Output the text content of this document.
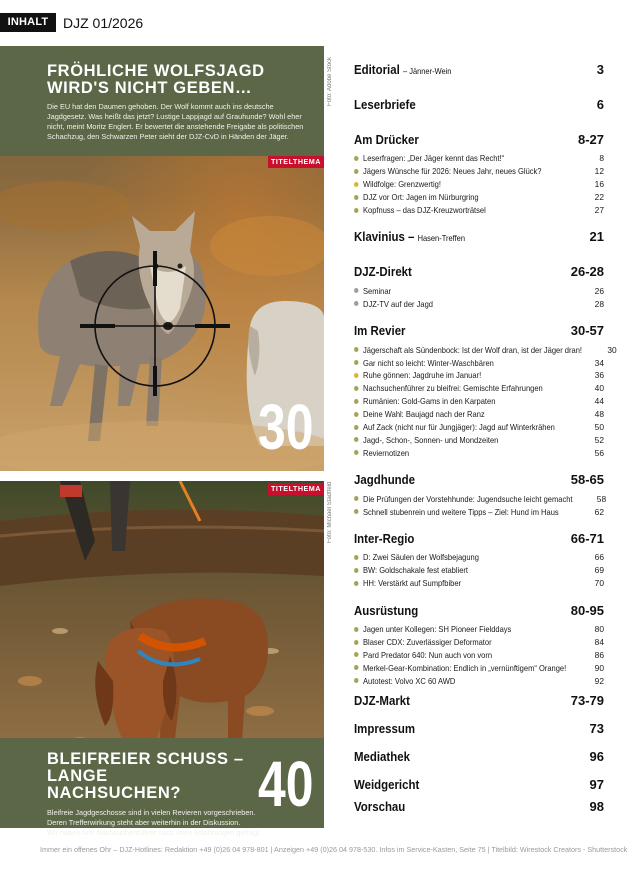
INHALT	DJZ 01/2026
Foto: Adobe Stock
FRÖHLICHE WOLFSJAGD
WIRD'S NICHT GEBEN…
Die EU hat den Daumen gehoben. Der Wolf kommt auch ins deutsche Jagdgesetz. Was heißt das jetzt? Lustige Lappjagd auf Grauhunde? Wohl eher nicht, meint Moritz Englert. Er bewertet die anstehende Freigabe als politischen Schachzug, den Schwarzen Peter sieht der DJZ-CvD in Händen der Jäger.
TITELTHEMA
30
Foto: Michael Stadtfeld
TITELTHEMA
BLEIFREIER SCHUSS –
LANGE NACHSUCHEN?
Bleifreie Jagdgeschosse sind in vielen Revieren vorgeschrieben.
Deren Trefferwirkung steht aber weiterhin in der Diskussion.
Wir haben fünf Nachsuchenführer nach ihren Erfahrungen gefragt.
40
Editorial – Jänner-Wein	3
Leserbriefe	6
Am Drücker	8-27
Leserfragen: „Der Jäger kennt das Recht!“	8
Jägers Wünsche für 2026: Neues Jahr, neues Glück?	12
Wildfolge: Grenzwertig!	16
DJZ vor Ort: Jagen im Nürburgring	22
Kopfnuss – das DJZ-Kreuzworträtsel	27
Klavinius – Hasen-Treffen	21
DJZ-Direkt	26-28
Seminar	26
DJZ-TV auf der Jagd	28
Im Revier	30-57
Jägerschaft als Sündenbock: Ist der Wolf dran, ist der Jäger dran!	30
Gar nicht so leicht: Winter-Waschbären	34
Ruhe gönnen: Jagdruhe im Januar!	36
Nachsuchenführer zu bleifrei: Gemischte Erfahrungen	40
Rumänien: Gold-Gams in den Karpaten	44
Deine Wahl: Baujagd nach der Ranz	48
Auf Zack (nicht nur für Jungjäger): Jagd auf Winterkrähen	50
Jagd-, Schon-, Sonnen- und Mondzeiten	52
Reviernotizen	56
Jagdhunde	58-65
Die Prüfungen der Vorstehhunde: Jugendsuche leicht gemacht	58
Schnell stubenrein und weitere Tipps – Ziel: Hund im Haus	62
Inter-Regio	66-71
D: Zwei Säulen der Wolfsbejagung	66
BW: Goldschakale fest etabliert	69
HH: Verstärkt auf Sumpfbiber	70
Ausrüstung	80-95
Jagen unter Kollegen: SH Pioneer Fielddays	80
Blaser CDX: Zuverlässiger Deformator	84
Pard Predator 640: Nun auch von vorn	86
Merkel-Gear-Kombination: Endlich in „vernünftigem“ Orange!	90
Autotest: Volvo XC 60 AWD	92
DJZ-Markt	73-79
Impressum	73
Mediathek	96
Weidgericht	97
Vorschau	98
Immer ein offenes Ohr – DJZ-Hotlines: Redaktion +49 (0)26 04 978-801 | Anzeigen +49 (0)26 04 978-530. Infos im Service-Kasten, Seite 75 | Titelbild: Wirestock Creators - Shutterstock
